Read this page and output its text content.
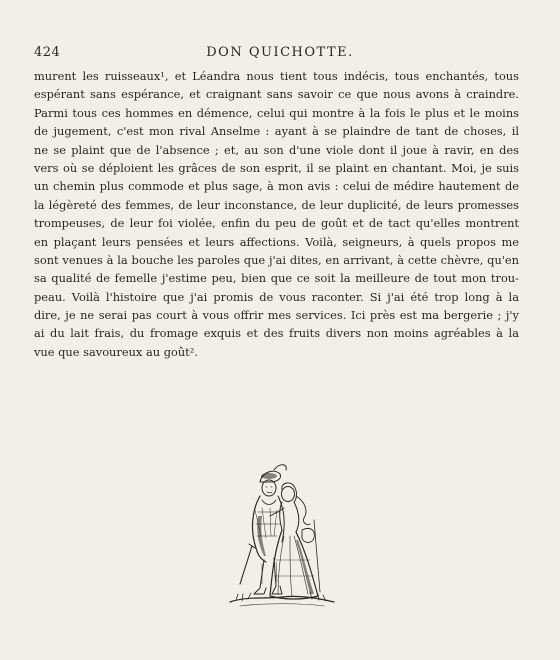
424	DON QUICHOTTE.
murent les ruisseaux¹, et Léandra nous tient tous indécis, tous enchantés, tous
espérant sans espérance, et craignant sans savoir ce que nous avons à craindre.
Parmi tous ces hommes en démence, celui qui montre à la fois le plus et le moins
de jugement, c'est mon rival Anselme : ayant à se plaindre de tant de choses, il
ne se plaint que de l'absence ; et, au son d'une viole dont il joue à ravir, en des
vers où se déploient les grâces de son esprit, il se plaint en chantant. Moi, je suis
un chemin plus commode et plus sage, à mon avis : celui de médire hautement de
la légèreté des femmes, de leur inconstance, de leur duplicité, de leurs promesses
trompeuses, de leur foi violée, enfin du peu de goût et de tact qu'elles montrent
en plaçant leurs pensées et leurs affections. Voilà, seigneurs, à quels propos me
sont venues à la bouche les paroles que j'ai dites, en arrivant, à cette chèvre, qu'en
sa qualité de femelle j'estime peu, bien que ce soit la meilleure de tout mon trou-
peau. Voilà l'histoire que j'ai promis de vous raconter. Si j'ai été trop long à la
dire, je ne serai pas court à vous offrir mes services. Ici près est ma bergerie ; j'y
ai du lait frais, du fromage exquis et des fruits divers non moins agréables à la
vue que savoureux au goût².
